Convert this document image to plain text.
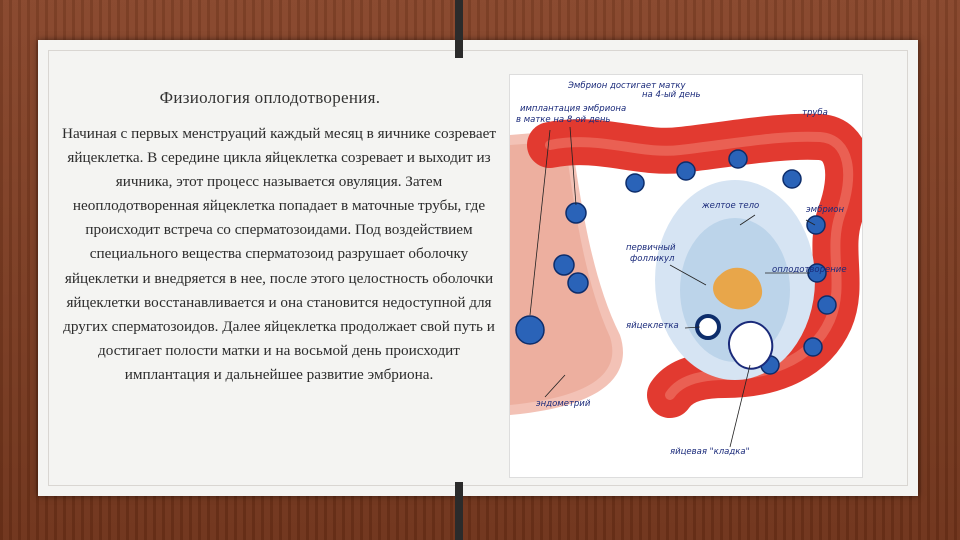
Физиология оплодотворения.
Начиная с первых менструаций каждый месяц в яичнике созревает яйцеклетка. В середине цикла яйцеклетка созревает и выходит из яичника, этот процесс называется овуляция. Затем неоплодотворенная яйцеклетка попадает в маточные трубы, где происходит встреча со сперматозоидами. Под воздействием специального вещества сперматозоид разрушает оболочку яйцеклетки и внедряется в нее, после этого целостность оболочки яйцеклетки восстанавливается и она становится недоступной для других сперматозоидов. Далее яйцеклетка продолжает свой путь и достигает полости матки и на восьмой день происходит имплантация и дальнейшее развитие эмбриона.
Эмбрион достигает матку
на 4-ый день
имплантация эмбриона
в матке на 8-ой день
труба
желтое тело	эмбрион
первичный
фолликул
оплодотворение
яйцеклетка
эндометрий
яйцевая "кладка"
